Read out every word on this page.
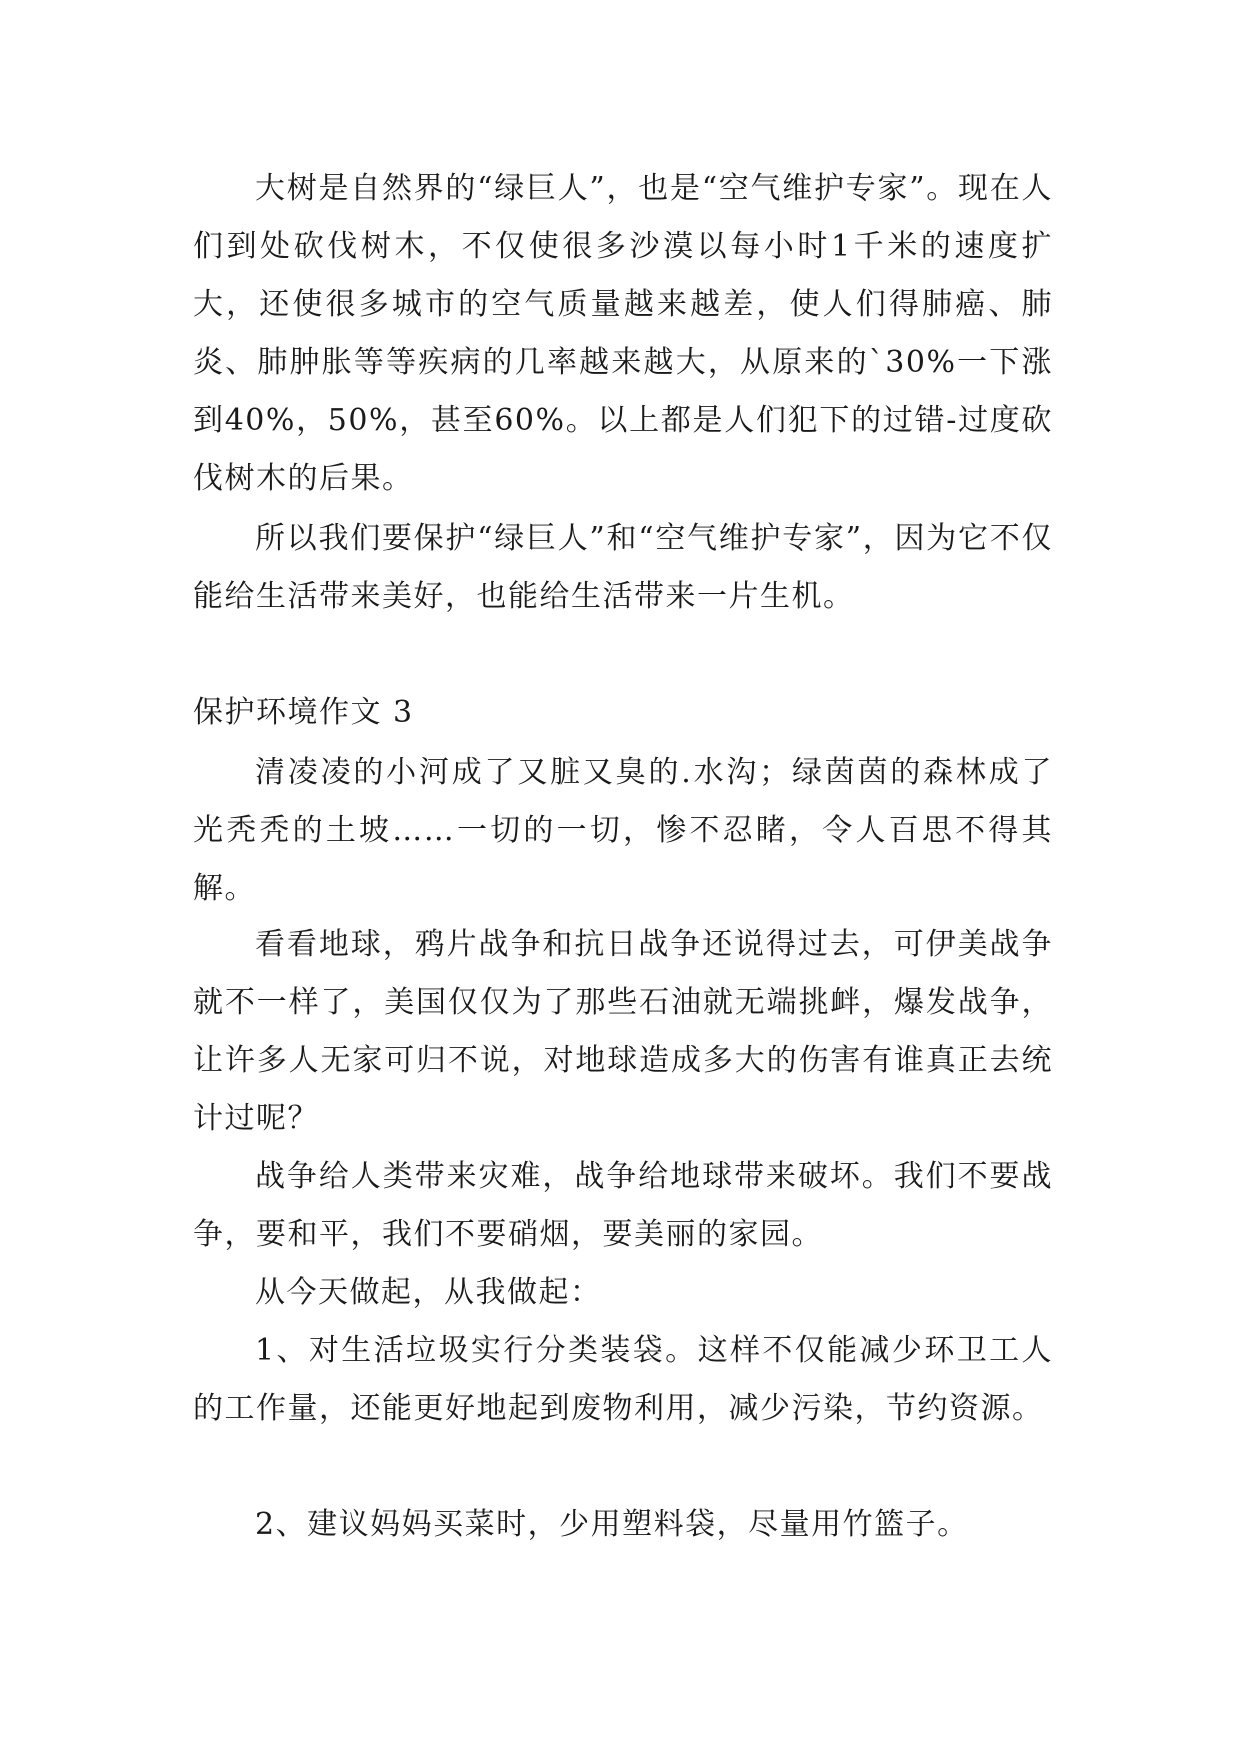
大树是自然界的“绿巨人”，也是“空气维护专家”。现在人们到处砍伐树木，不仅使很多沙漠以每小时1千米的速度扩大，还使很多城市的空气质量越来越差，使人们得肺癌、肺炎、肺肿胀等等疾病的几率越来越大，从原来的`30%一下涨到40%，50%，甚至60%。以上都是人们犯下的过错-过度砍伐树木的后果。

所以我们要保护“绿巨人”和“空气维护专家”，因为它不仅能给生活带来美好，也能给生活带来一片生机。

保护环境作文 3

清凌凌的小河成了又脏又臭的.水沟；绿茵茵的森林成了光秃秃的土坡……一切的一切，惨不忍睹，令人百思不得其解。

看看地球，鸦片战争和抗日战争还说得过去，可伊美战争就不一样了，美国仅仅为了那些石油就无端挑衅，爆发战争，让许多人无家可归不说，对地球造成多大的伤害有谁真正去统计过呢？

战争给人类带来灾难，战争给地球带来破坏。我们不要战争，要和平，我们不要硝烟，要美丽的家园。

从今天做起，从我做起：

1、对生活垃圾实行分类装袋。这样不仅能减少环卫工人的工作量，还能更好地起到废物利用，减少污染，节约资源。

2、建议妈妈买菜时，少用塑料袋，尽量用竹篮子。
